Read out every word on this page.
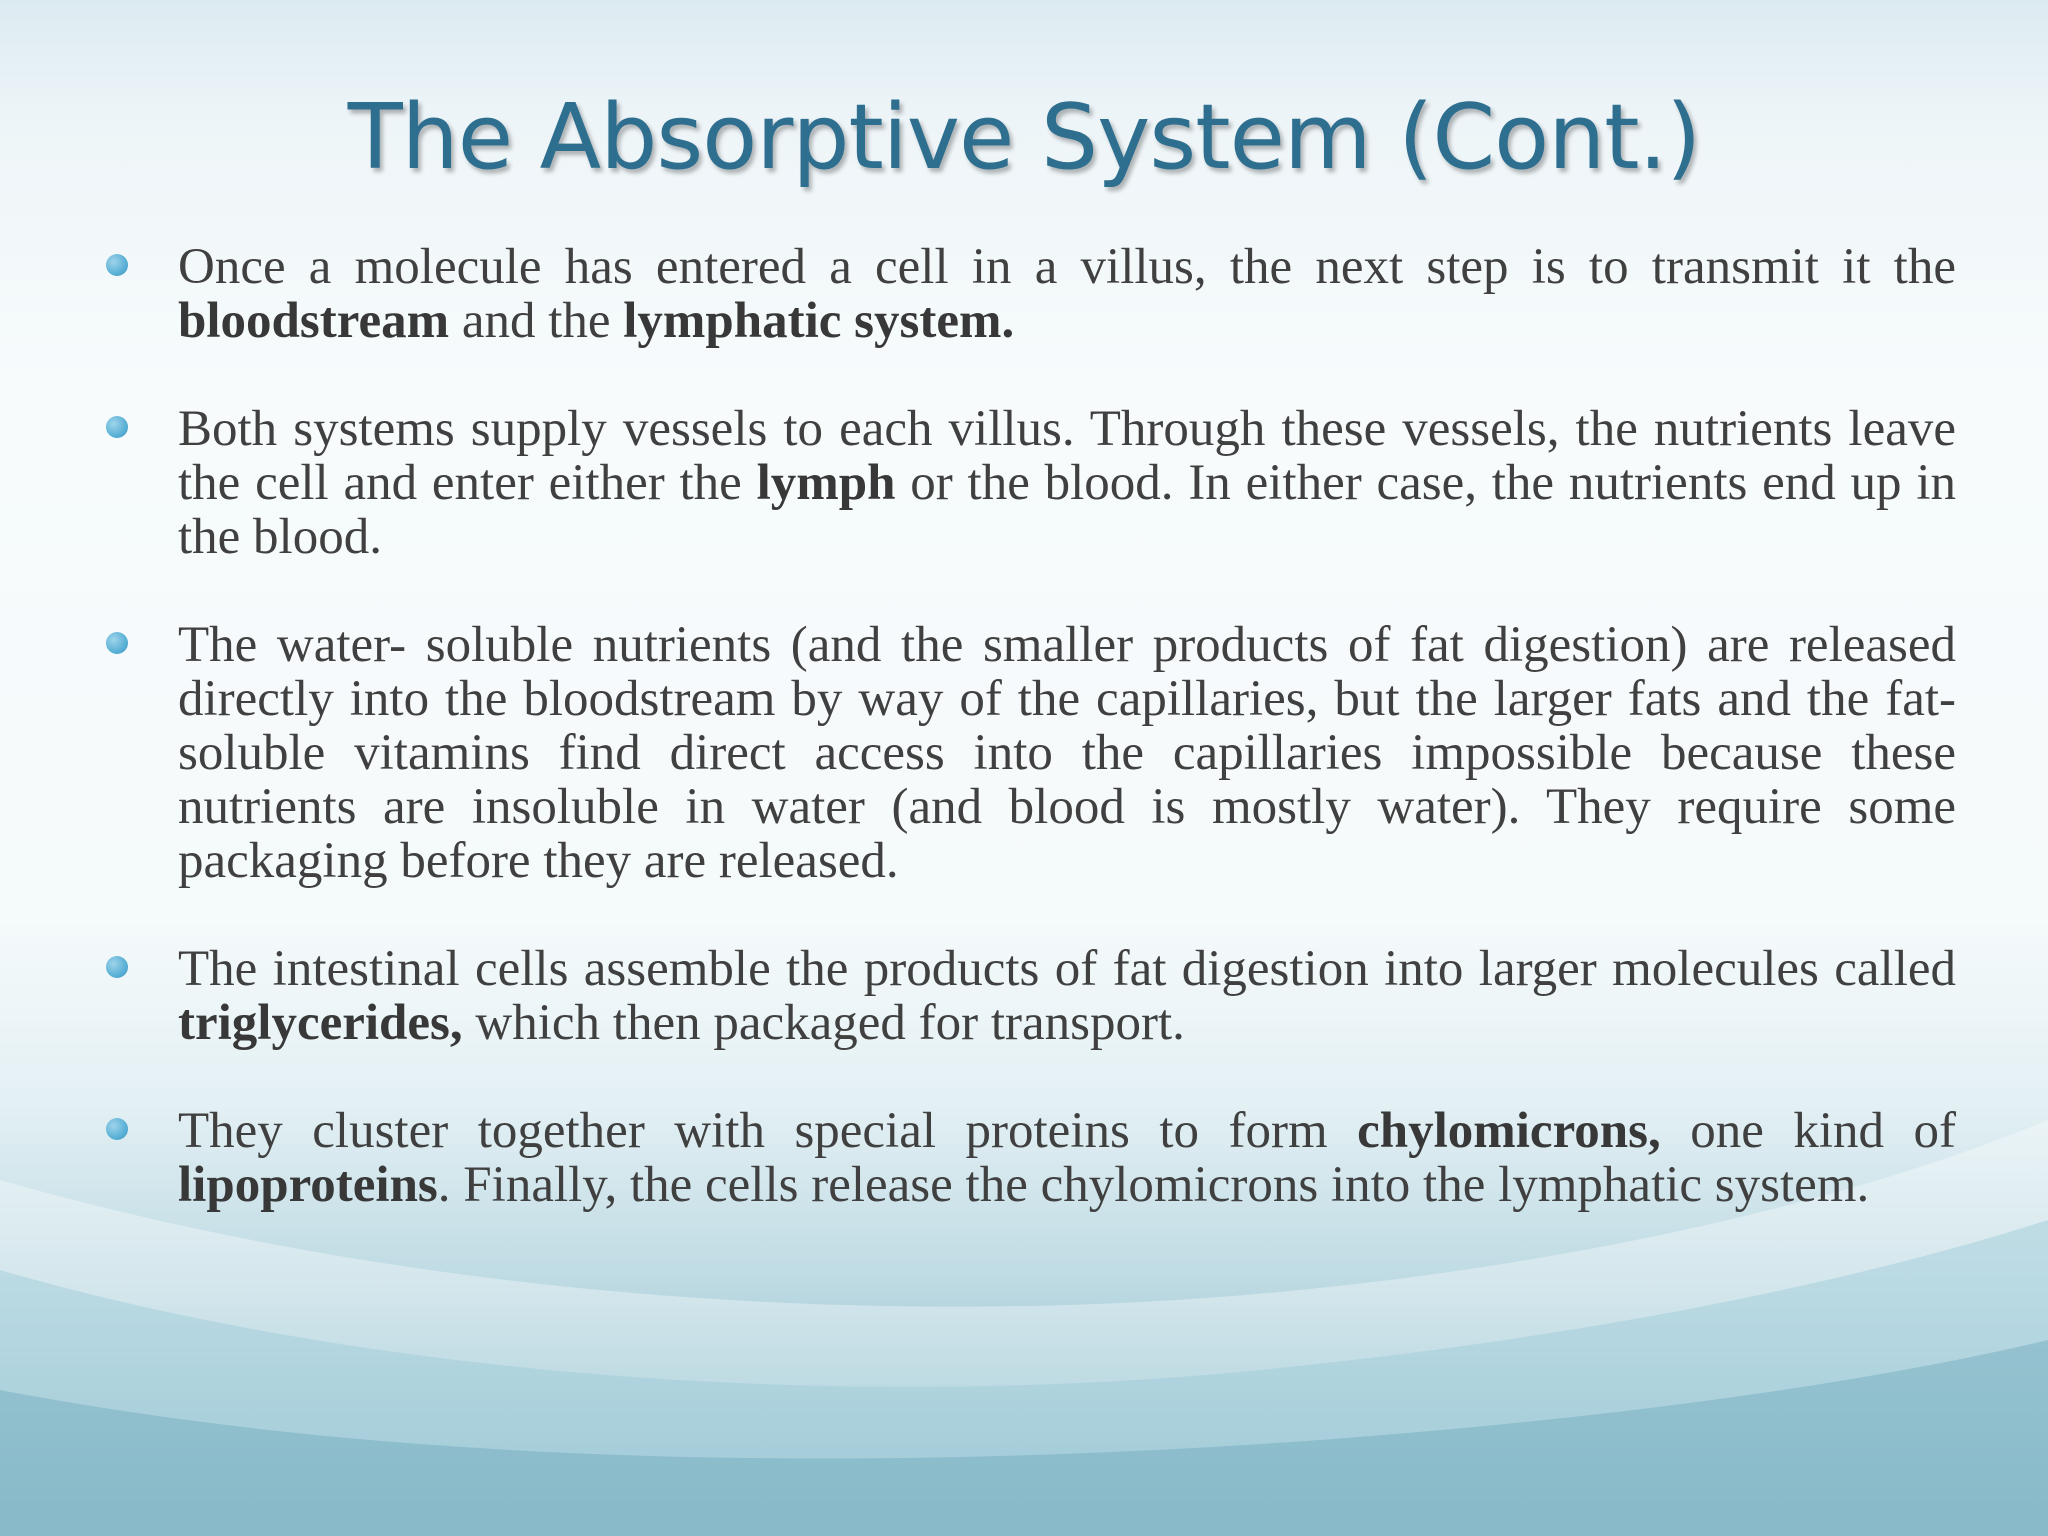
The Absorptive System (Cont.)
Once a molecule has entered a cell in a villus, the next step is to transmit it the bloodstream and the lymphatic system.
Both systems supply vessels to each villus. Through these vessels, the nutrients leave the cell and enter either the lymph or the blood. In either case, the nutrients end up in the blood.
The water- soluble nutrients (and the smaller products of fat digestion) are released directly into the bloodstream by way of the capillaries, but the larger fats and the fat-soluble vitamins find direct access into the capillaries impossible because these nutrients are insoluble in water (and blood is mostly water). They require some packaging before they are released.
The intestinal cells assemble the products of fat digestion into larger molecules called triglycerides, which then packaged for transport.
They cluster together with special proteins to form chylomicrons, one kind of lipoproteins. Finally, the cells release the chylomicrons into the lymphatic system.
